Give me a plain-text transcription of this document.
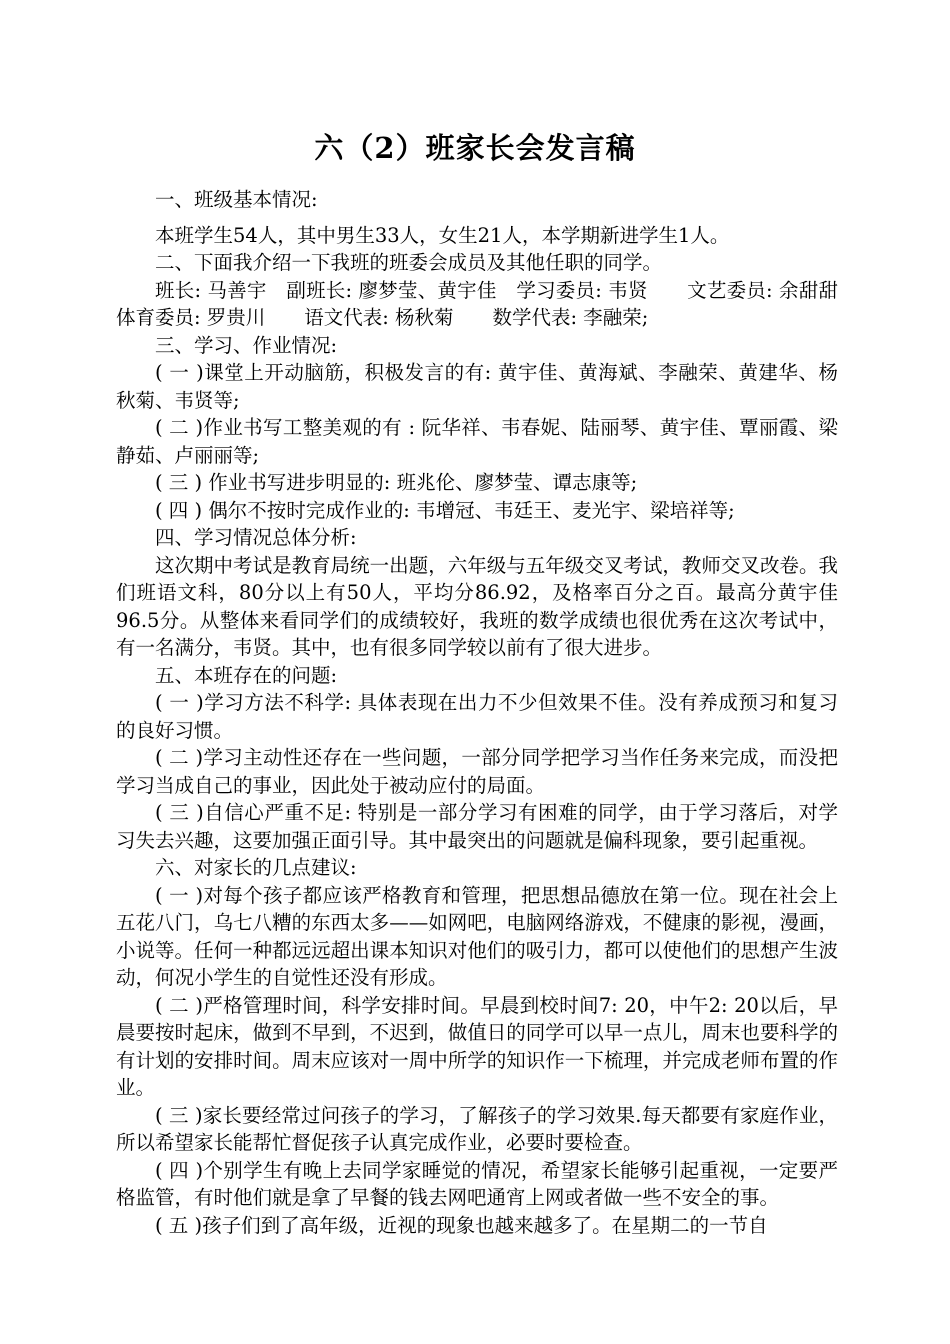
六（2）班家长会发言稿

一、班级基本情况:

本班学生54人，其中男生33人，女生21人，本学期新进学生1人。

二、下面我介绍一下我班的班委会成员及其他任职的同学。

班长: 马善宇　副班长: 廖梦莹、黄宇佳　学习委员: 韦贤　　文艺委员: 余甜甜　体育委员: 罗贵川　　语文代表: 杨秋菊　　数学代表: 李融荣;

三、学习、作业情况:

( 一 )课堂上开动脑筋，积极发言的有: 黄宇佳、黄海斌、李融荣、黄建华、杨秋菊、韦贤等;

( 二 )作业书写工整美观的有 : 阮华祥、韦春妮、陆丽琴、黄宇佳、覃丽霞、梁静茹、卢丽丽等;

( 三 ) 作业书写进步明显的: 班兆伦、廖梦莹、谭志康等;

( 四 ) 偶尔不按时完成作业的: 韦增冠、韦廷王、麦光宇、梁培祥等;

四、学习情况总体分析:

这次期中考试是教育局统一出题，六年级与五年级交叉考试，教师交叉改卷。我们班语文科，80分以上有50人，平均分86.92，及格率百分之百。最高分黄宇佳96.5分。从整体来看同学们的成绩较好，我班的数学成绩也很优秀在这次考试中，有一名满分，韦贤。其中，也有很多同学较以前有了很大进步。

五、本班存在的问题:

( 一 )学习方法不科学: 具体表现在出力不少但效果不佳。没有养成预习和复习的良好习惯。

( 二 )学习主动性还存在一些问题，一部分同学把学习当作任务来完成，而没把学习当成自己的事业，因此处于被动应付的局面。

( 三 )自信心严重不足: 特别是一部分学习有困难的同学，由于学习落后，对学习失去兴趣，这要加强正面引导。其中最突出的问题就是偏科现象，要引起重视。

六、对家长的几点建议:

( 一 )对每个孩子都应该严格教育和管理，把思想品德放在第一位。现在社会上五花八门，乌七八糟的东西太多——如网吧，电脑网络游戏，不健康的影视，漫画，小说等。任何一种都远远超出课本知识对他们的吸引力，都可以使他们的思想产生波动，何况小学生的自觉性还没有形成。

( 二 )严格管理时间，科学安排时间。早晨到校时间7: 20，中午2: 20以后，早晨要按时起床，做到不早到，不迟到，做值日的同学可以早一点儿，周末也要科学的有计划的安排时间。周末应该对一周中所学的知识作一下梳理，并完成老师布置的作业。

( 三 )家长要经常过问孩子的学习，了解孩子的学习效果.每天都要有家庭作业，所以希望家长能帮忙督促孩子认真完成作业，必要时要检查。

( 四 )个别学生有晚上去同学家睡觉的情况，希望家长能够引起重视，一定要严格监管，有时他们就是拿了早餐的钱去网吧通宵上网或者做一些不安全的事。

( 五 )孩子们到了高年级，近视的现象也越来越多了。在星期二的一节自
